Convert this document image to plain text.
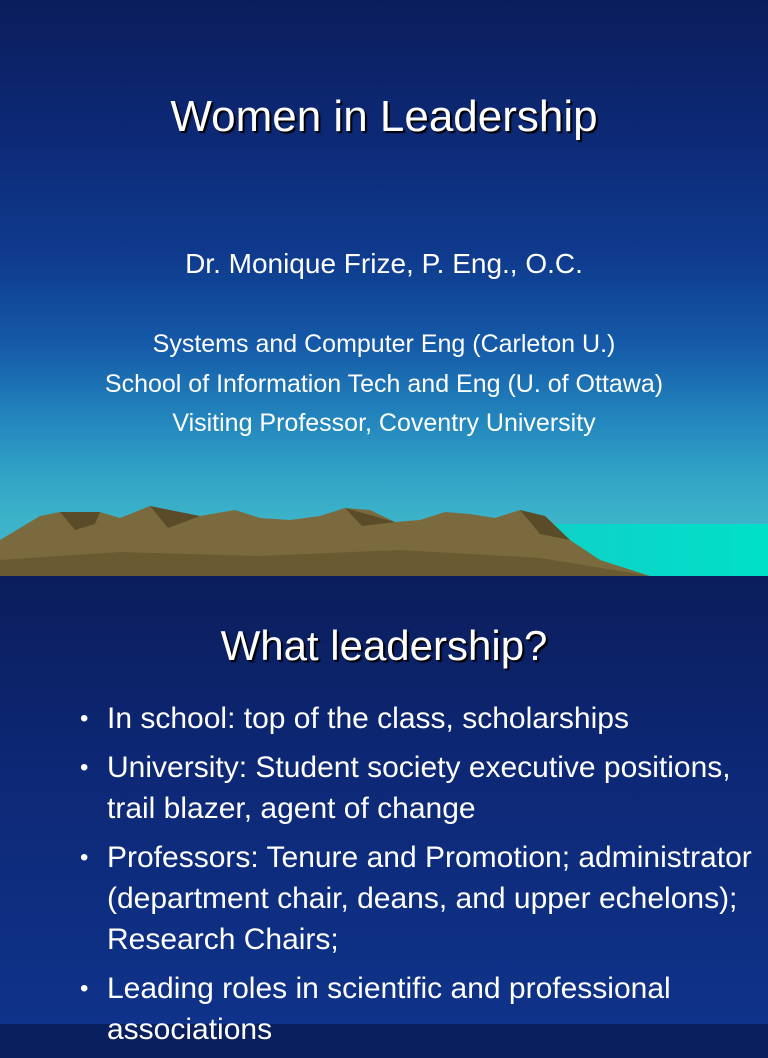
Women in Leadership
Dr. Monique Frize, P. Eng., O.C.
Systems and Computer Eng (Carleton U.)
School of Information Tech and Eng (U. of Ottawa)
Visiting Professor, Coventry University
What leadership?
• In school: top of the class, scholarships
• University: Student society executive positions, trail blazer, agent of change
• Professors: Tenure and Promotion; administrator (department chair, deans, and upper echelons); Research Chairs;
• Leading roles in scientific and professional associations
